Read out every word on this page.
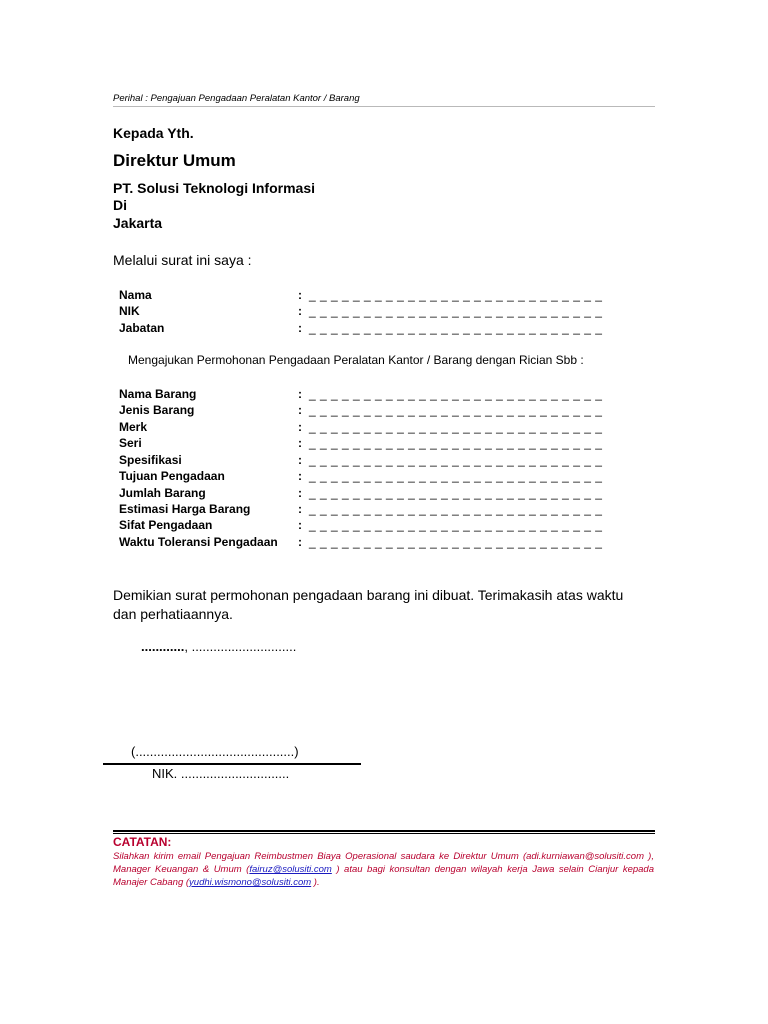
Perihal : Pengajuan Pengadaan Peralatan Kantor / Barang
Kepada Yth.
Direktur Umum
PT. Solusi Teknologi Informasi
Di
Jakarta
Melalui surat ini saya :
Nama	: _ _ _ _ _ _ _ _ _ _ _ _ _ _ _ _ _ _ _ _ _ _ _ _ _ _ _
NIK	: _ _ _ _ _ _ _ _ _ _ _ _ _ _ _ _ _ _ _ _ _ _ _ _ _ _ _
Jabatan	: _ _ _ _ _ _ _ _ _ _ _ _ _ _ _ _ _ _ _ _ _ _ _ _ _ _ _
Mengajukan Permohonan Pengadaan Peralatan Kantor / Barang dengan Rician Sbb :
Nama Barang	: _ _ _ _ _ _ _ _ _ _ _ _ _ _ _ _ _ _ _ _ _ _ _ _ _ _ _
Jenis Barang	: _ _ _ _ _ _ _ _ _ _ _ _ _ _ _ _ _ _ _ _ _ _ _ _ _ _ _
Merk	: _ _ _ _ _ _ _ _ _ _ _ _ _ _ _ _ _ _ _ _ _ _ _ _ _ _ _
Seri	: _ _ _ _ _ _ _ _ _ _ _ _ _ _ _ _ _ _ _ _ _ _ _ _ _ _ _
Spesifikasi	: _ _ _ _ _ _ _ _ _ _ _ _ _ _ _ _ _ _ _ _ _ _ _ _ _ _ _
Tujuan Pengadaan	: _ _ _ _ _ _ _ _ _ _ _ _ _ _ _ _ _ _ _ _ _ _ _ _ _ _ _
Jumlah Barang	: _ _ _ _ _ _ _ _ _ _ _ _ _ _ _ _ _ _ _ _ _ _ _ _ _ _ _
Estimasi Harga Barang	: _ _ _ _ _ _ _ _ _ _ _ _ _ _ _ _ _ _ _ _ _ _ _ _ _ _ _
Sifat Pengadaan	: _ _ _ _ _ _ _ _ _ _ _ _ _ _ _ _ _ _ _ _ _ _ _ _ _ _ _
Waktu Toleransi Pengadaan : _ _ _ _ _ _ _ _ _ _ _ _ _ _ _ _ _ _ _ _ _ _ _ _ _ _ _
Demikian surat permohonan pengadaan barang ini dibuat. Terimakasih atas waktu dan perhatiaannya.
............, .............................
(............................................)
NIK. ..............................
CATATAN:
Silahkan kirim email Pengajuan Reimbustmen Biaya Operasional saudara ke Direktur Umum (adi.kurniawan@solusiti.com ), Manager Keuangan & Umum (fairuz@solusiti.com ) atau bagi konsultan dengan wilayah kerja Jawa selain Cianjur kepada Manajer Cabang (yudhi.wismono@solusiti.com ).
